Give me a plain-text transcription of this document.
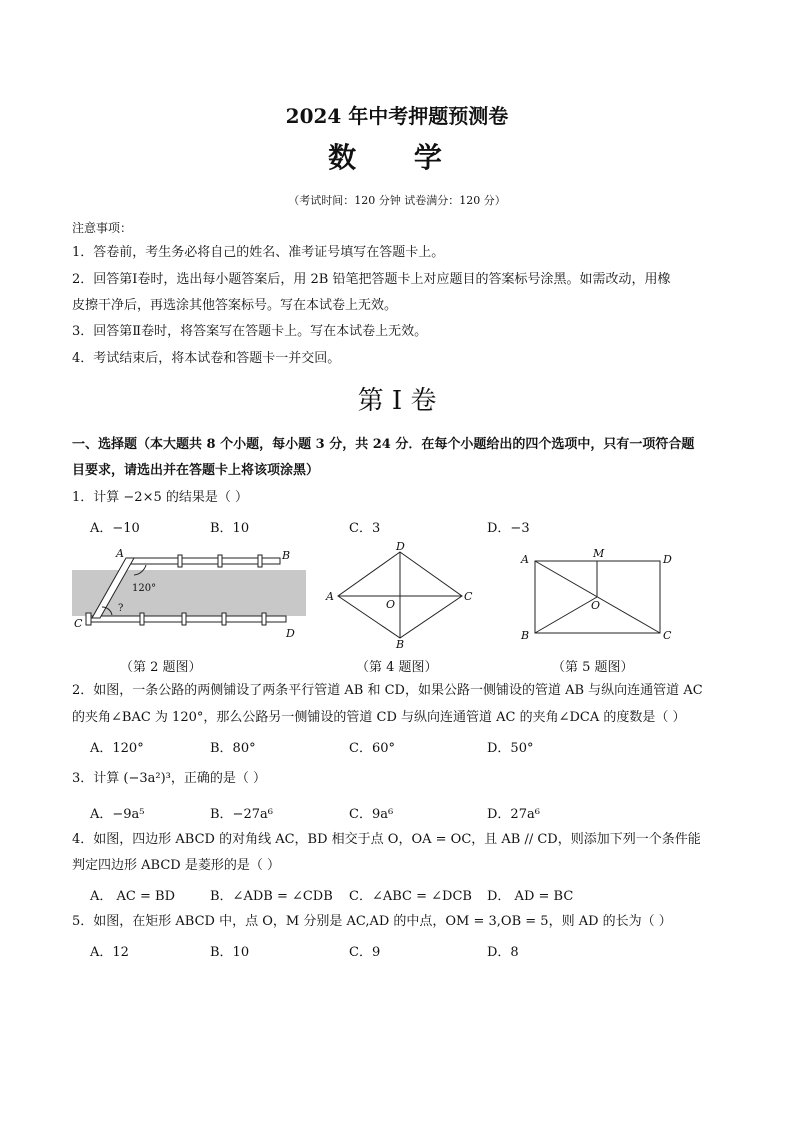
2024 年中考押题预测卷
数 学
（考试时间：120 分钟 试卷满分：120 分）
注意事项：
1．答卷前，考生务必将自己的姓名、准考证号填写在答题卡上。
2．回答第Ⅰ卷时，选出每小题答案后，用 2B 铅笔把答题卡上对应题目的答案标号涂黑。如需改动，用橡
皮擦干净后，再选涂其他答案标号。写在本试卷上无效。
3．回答第Ⅱ卷时，将答案写在答题卡上。写在本试卷上无效。
4．考试结束后，将本试卷和答题卡一并交回。
第 I 卷
一、选择题（本大题共 8 个小题，每小题 3 分，共 24 分．在每个小题给出的四个选项中，只有一项符合题
目要求，请选出并在答题卡上将该项涂黑）
1．计算 −2×5 的结果是（ ）
A．−10	B．10	C．3	D．−3
A	B
C
D
120°
?
（第 2 题图）
D
A	C
B
O
（第 4 题图）
A	D
M
O
B	C
（第 5 题图）
2．如图，一条公路的两侧铺设了两条平行管道 AB 和 CD，如果公路一侧铺设的管道 AB 与纵向连通管道 AC
的夹角∠BAC 为 120°，那么公路另一侧铺设的管道 CD 与纵向连通管道 AC 的夹角∠DCA 的度数是（ ）
A．120°	B．80°	C．60°	D．50°
3．计算 (−3a²)³，正确的是（ ）
A．−9a⁵	B．−27a⁶	C．9a⁶	D．27a⁶
4．如图，四边形 ABCD 的对角线 AC，BD 相交于点 O，OA = OC，且 AB // CD，则添加下列一个条件能
判定四边形 ABCD 是菱形的是（ ）
A． AC = BD	B．∠ADB = ∠CDB C．∠ABC = ∠DCB D． AD = BC
5．如图，在矩形 ABCD 中，点 O，M 分别是 AC,AD 的中点，OM = 3,OB = 5，则 AD 的长为（ ）
A．12	B．10	C．9	D．8
